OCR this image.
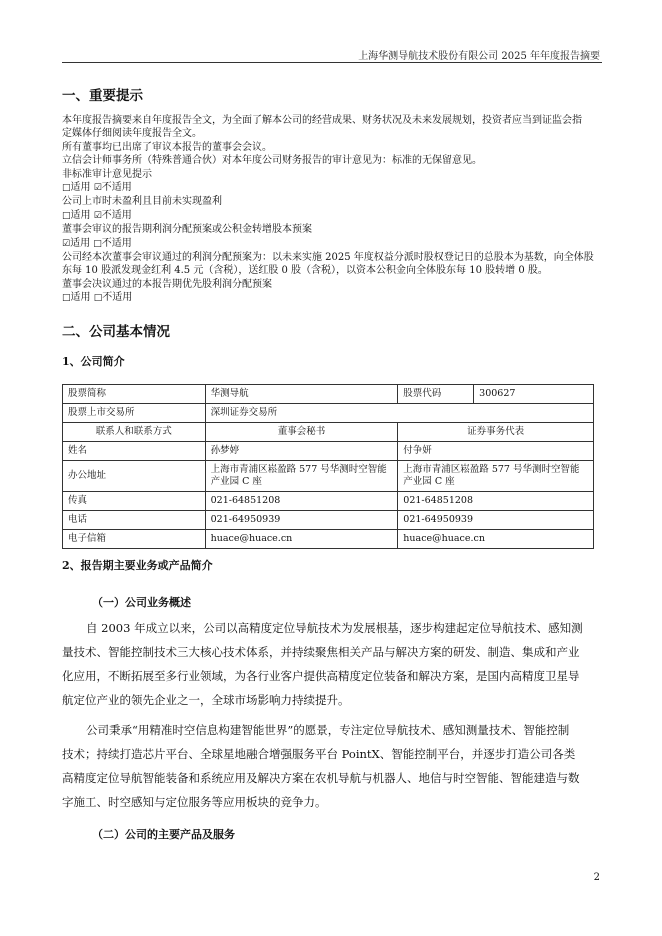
上海华测导航技术股份有限公司 2025 年年度报告摘要
一、重要提示
本年度报告摘要来自年度报告全文，为全面了解本公司的经营成果、财务状况及未来发展规划，投资者应当到证监会指
定媒体仔细阅读年度报告全文。
所有董事均已出席了审议本报告的董事会会议。
立信会计师事务所（特殊普通合伙）对本年度公司财务报告的审计意见为：标准的无保留意见。
非标准审计意见提示
□适用 ☑不适用
公司上市时未盈利且目前未实现盈利
□适用 ☑不适用
董事会审议的报告期利润分配预案或公积金转增股本预案
☑适用 □不适用
公司经本次董事会审议通过的利润分配预案为：以未来实施 2025 年度权益分派时股权登记日的总股本为基数，向全体股
东每 10 股派发现金红利 4.5 元（含税），送红股 0 股（含税），以资本公积金向全体股东每 10 股转增 0 股。
董事会决议通过的本报告期优先股利润分配预案
□适用 □不适用
二、公司基本情况
1、公司简介
股票简称	华测导航	股票代码	300627
股票上市交易所	深圳证券交易所		
联系人和联系方式	董事会秘书	证券事务代表	
姓名	孙梦婷	付争妍	
办公地址	上海市青浦区崧盈路 577 号华测时空智能产业园 C 座	上海市青浦区崧盈路 577 号华测时空智能产业园 C 座	
传真	021-64851208	021-64851208	
电话	021-64950939	021-64950939	
电子信箱	huace@huace.cn	huace@huace.cn	
2、报告期主要业务或产品简介
（一）公司业务概述
自 2003 年成立以来，公司以高精度定位导航技术为发展根基，逐步构建起定位导航技术、感知测
量技术、智能控制技术三大核心技术体系，并持续聚焦相关产品与解决方案的研发、制造、集成和产业
化应用，不断拓展至多行业领域，为各行业客户提供高精度定位装备和解决方案，是国内高精度卫星导
航定位产业的领先企业之一，全球市场影响力持续提升。
公司秉承“用精准时空信息构建智能世界”的愿景，专注定位导航技术、感知测量技术、智能控制
技术；持续打造芯片平台、全球星地融合增强服务平台 PointX、智能控制平台，并逐步打造公司各类
高精度定位导航智能装备和系统应用及解决方案在农机导航与机器人、地信与时空智能、智能建造与数
字施工、时空感知与定位服务等应用板块的竞争力。
（二）公司的主要产品及服务
2
